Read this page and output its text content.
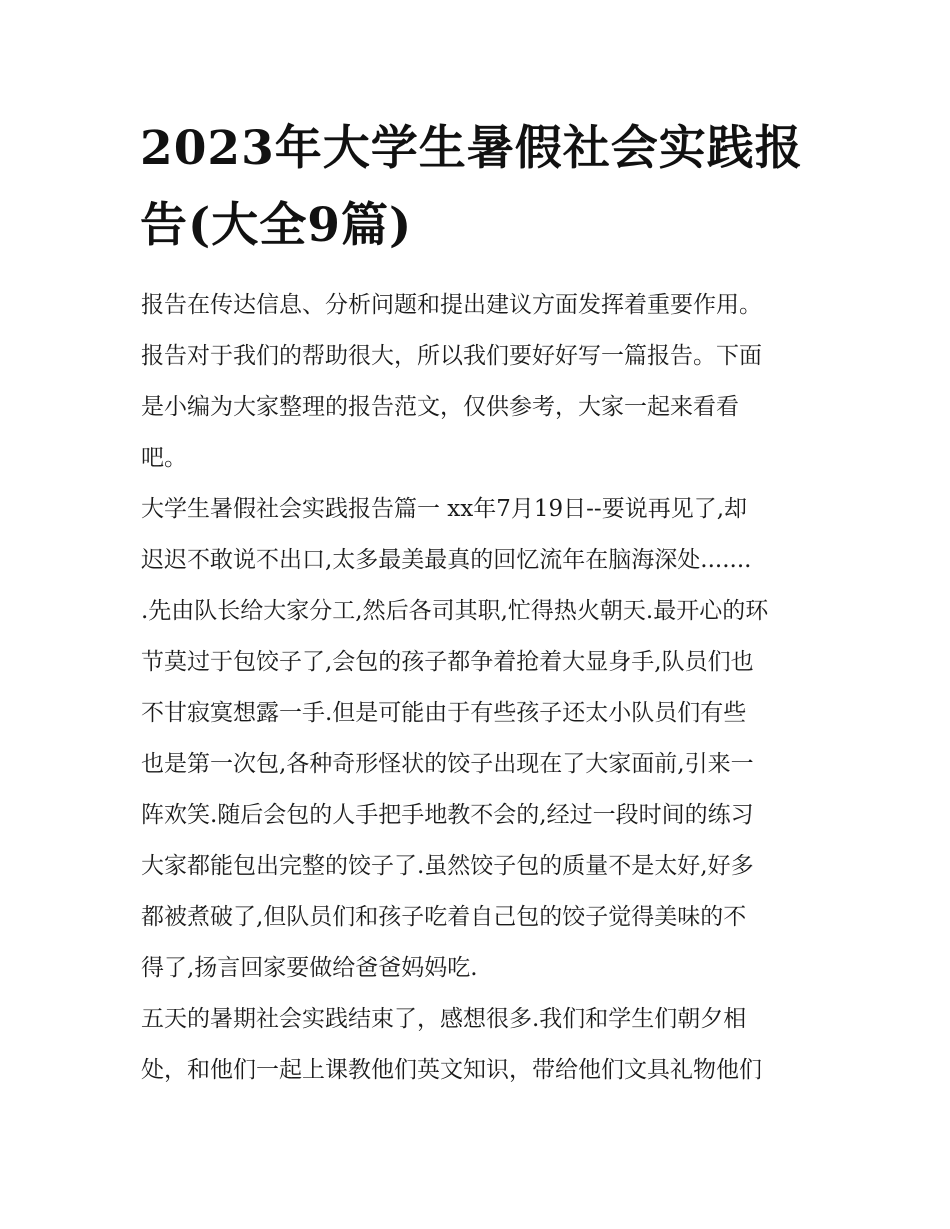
2023年大学生暑假社会实践报
告(大全9篇)

报告在传达信息、分析问题和提出建议方面发挥着重要作用。
报告对于我们的帮助很大，所以我们要好好写一篇报告。下面
是小编为大家整理的报告范文，仅供参考，大家一起来看看
吧。

大学生暑假社会实践报告篇一 xx年7月19日--要说再见了,却
迟迟不敢说不出口,太多最美最真的回忆流年在脑海深处.......
.先由队长给大家分工,然后各司其职,忙得热火朝天.最开心的环
节莫过于包饺子了,会包的孩子都争着抢着大显身手,队员们也
不甘寂寞想露一手.但是可能由于有些孩子还太小队员们有些
也是第一次包,各种奇形怪状的饺子出现在了大家面前,引来一
阵欢笑.随后会包的人手把手地教不会的,经过一段时间的练习
大家都能包出完整的饺子了.虽然饺子包的质量不是太好,好多
都被煮破了,但队员们和孩子吃着自己包的饺子觉得美味的不
得了,扬言回家要做给爸爸妈妈吃.

五天的暑期社会实践结束了，感想很多.我们和学生们朝夕相
处，和他们一起上课教他们英文知识，带给他们文具礼物他们
